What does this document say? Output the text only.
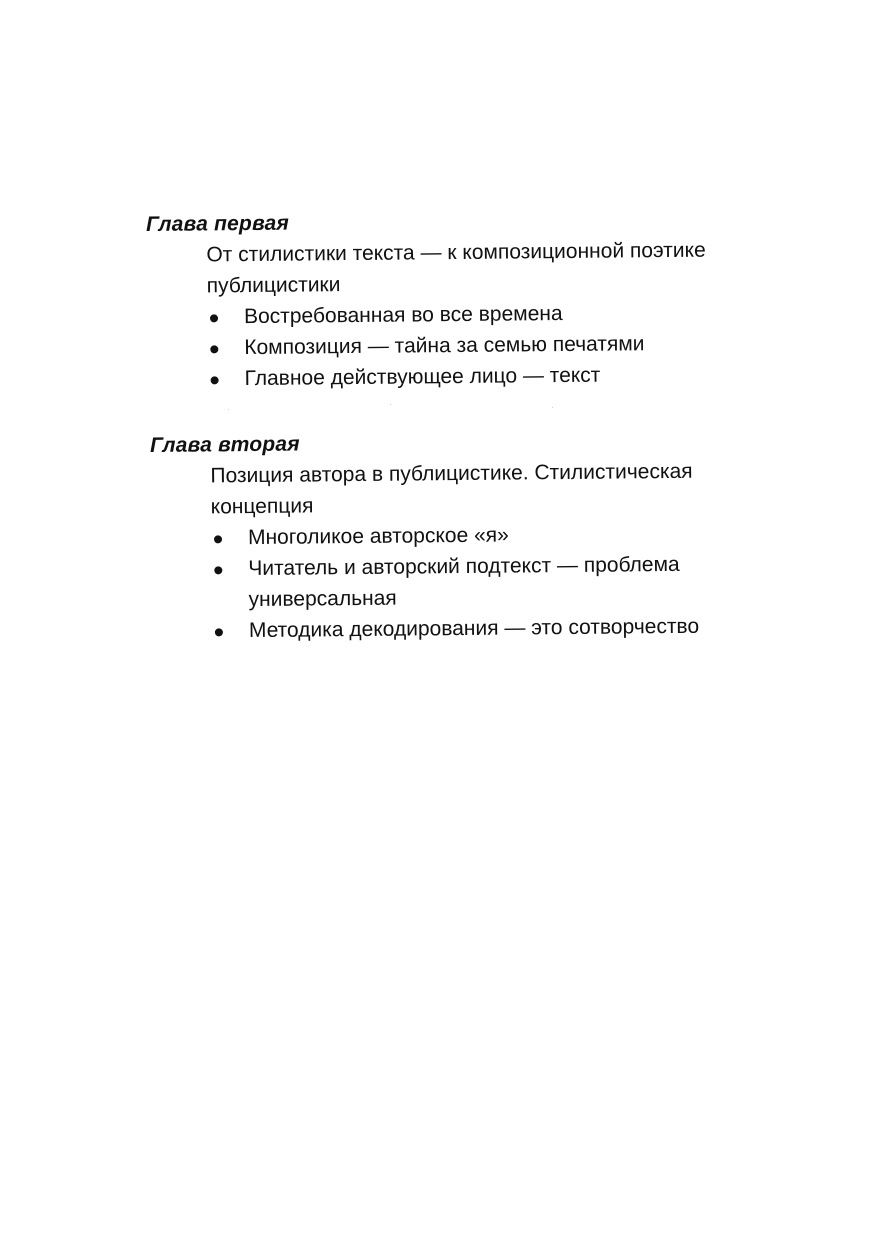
Глава первая
От стилистики текста — к композиционной поэтике
публицистики
Востребованная во все времена
Композиция — тайна за семью печатями
Главное действующее лицо — текст
Глава вторая
Позиция автора в публицистике. Стилистическая
концепция
Многоликое авторское «я»
Читатель и авторский подтекст — проблема
универсальная
Методика декодирования — это сотворчество
